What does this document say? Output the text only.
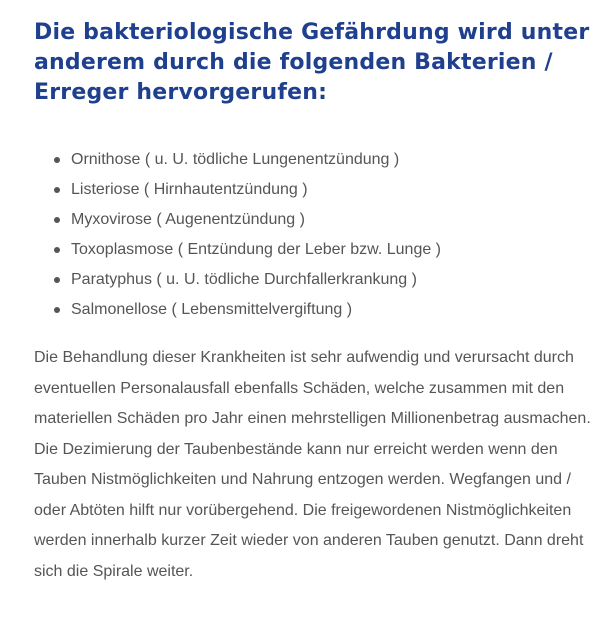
Die bakteriologische Gefährdung wird unter anderem durch die folgenden Bakterien / Erreger hervorgerufen:
Ornithose ( u. U. tödliche Lungenentzündung )
Listeriose ( Hirnhautentzündung )
Myxovirose ( Augenentzündung )
Toxoplasmose ( Entzündung der Leber bzw. Lunge )
Paratyphus ( u. U. tödliche Durchfallerkrankung )
Salmonellose ( Lebensmittelvergiftung )

Die Behandlung dieser Krankheiten ist sehr aufwendig und verursacht durch eventuellen Personalausfall ebenfalls Schäden, welche zusammen mit den materiellen Schäden pro Jahr einen mehrstelligen Millionenbetrag ausmachen. Die Dezimierung der Taubenbestände kann nur erreicht werden wenn den Tauben Nistmöglichkeiten und Nahrung entzogen werden. Wegfangen und / oder Abtöten hilft nur vorübergehend. Die freigewordenen Nistmöglichkeiten werden innerhalb kurzer Zeit wieder von anderen Tauben genutzt. Dann dreht sich die Spirale weiter.
